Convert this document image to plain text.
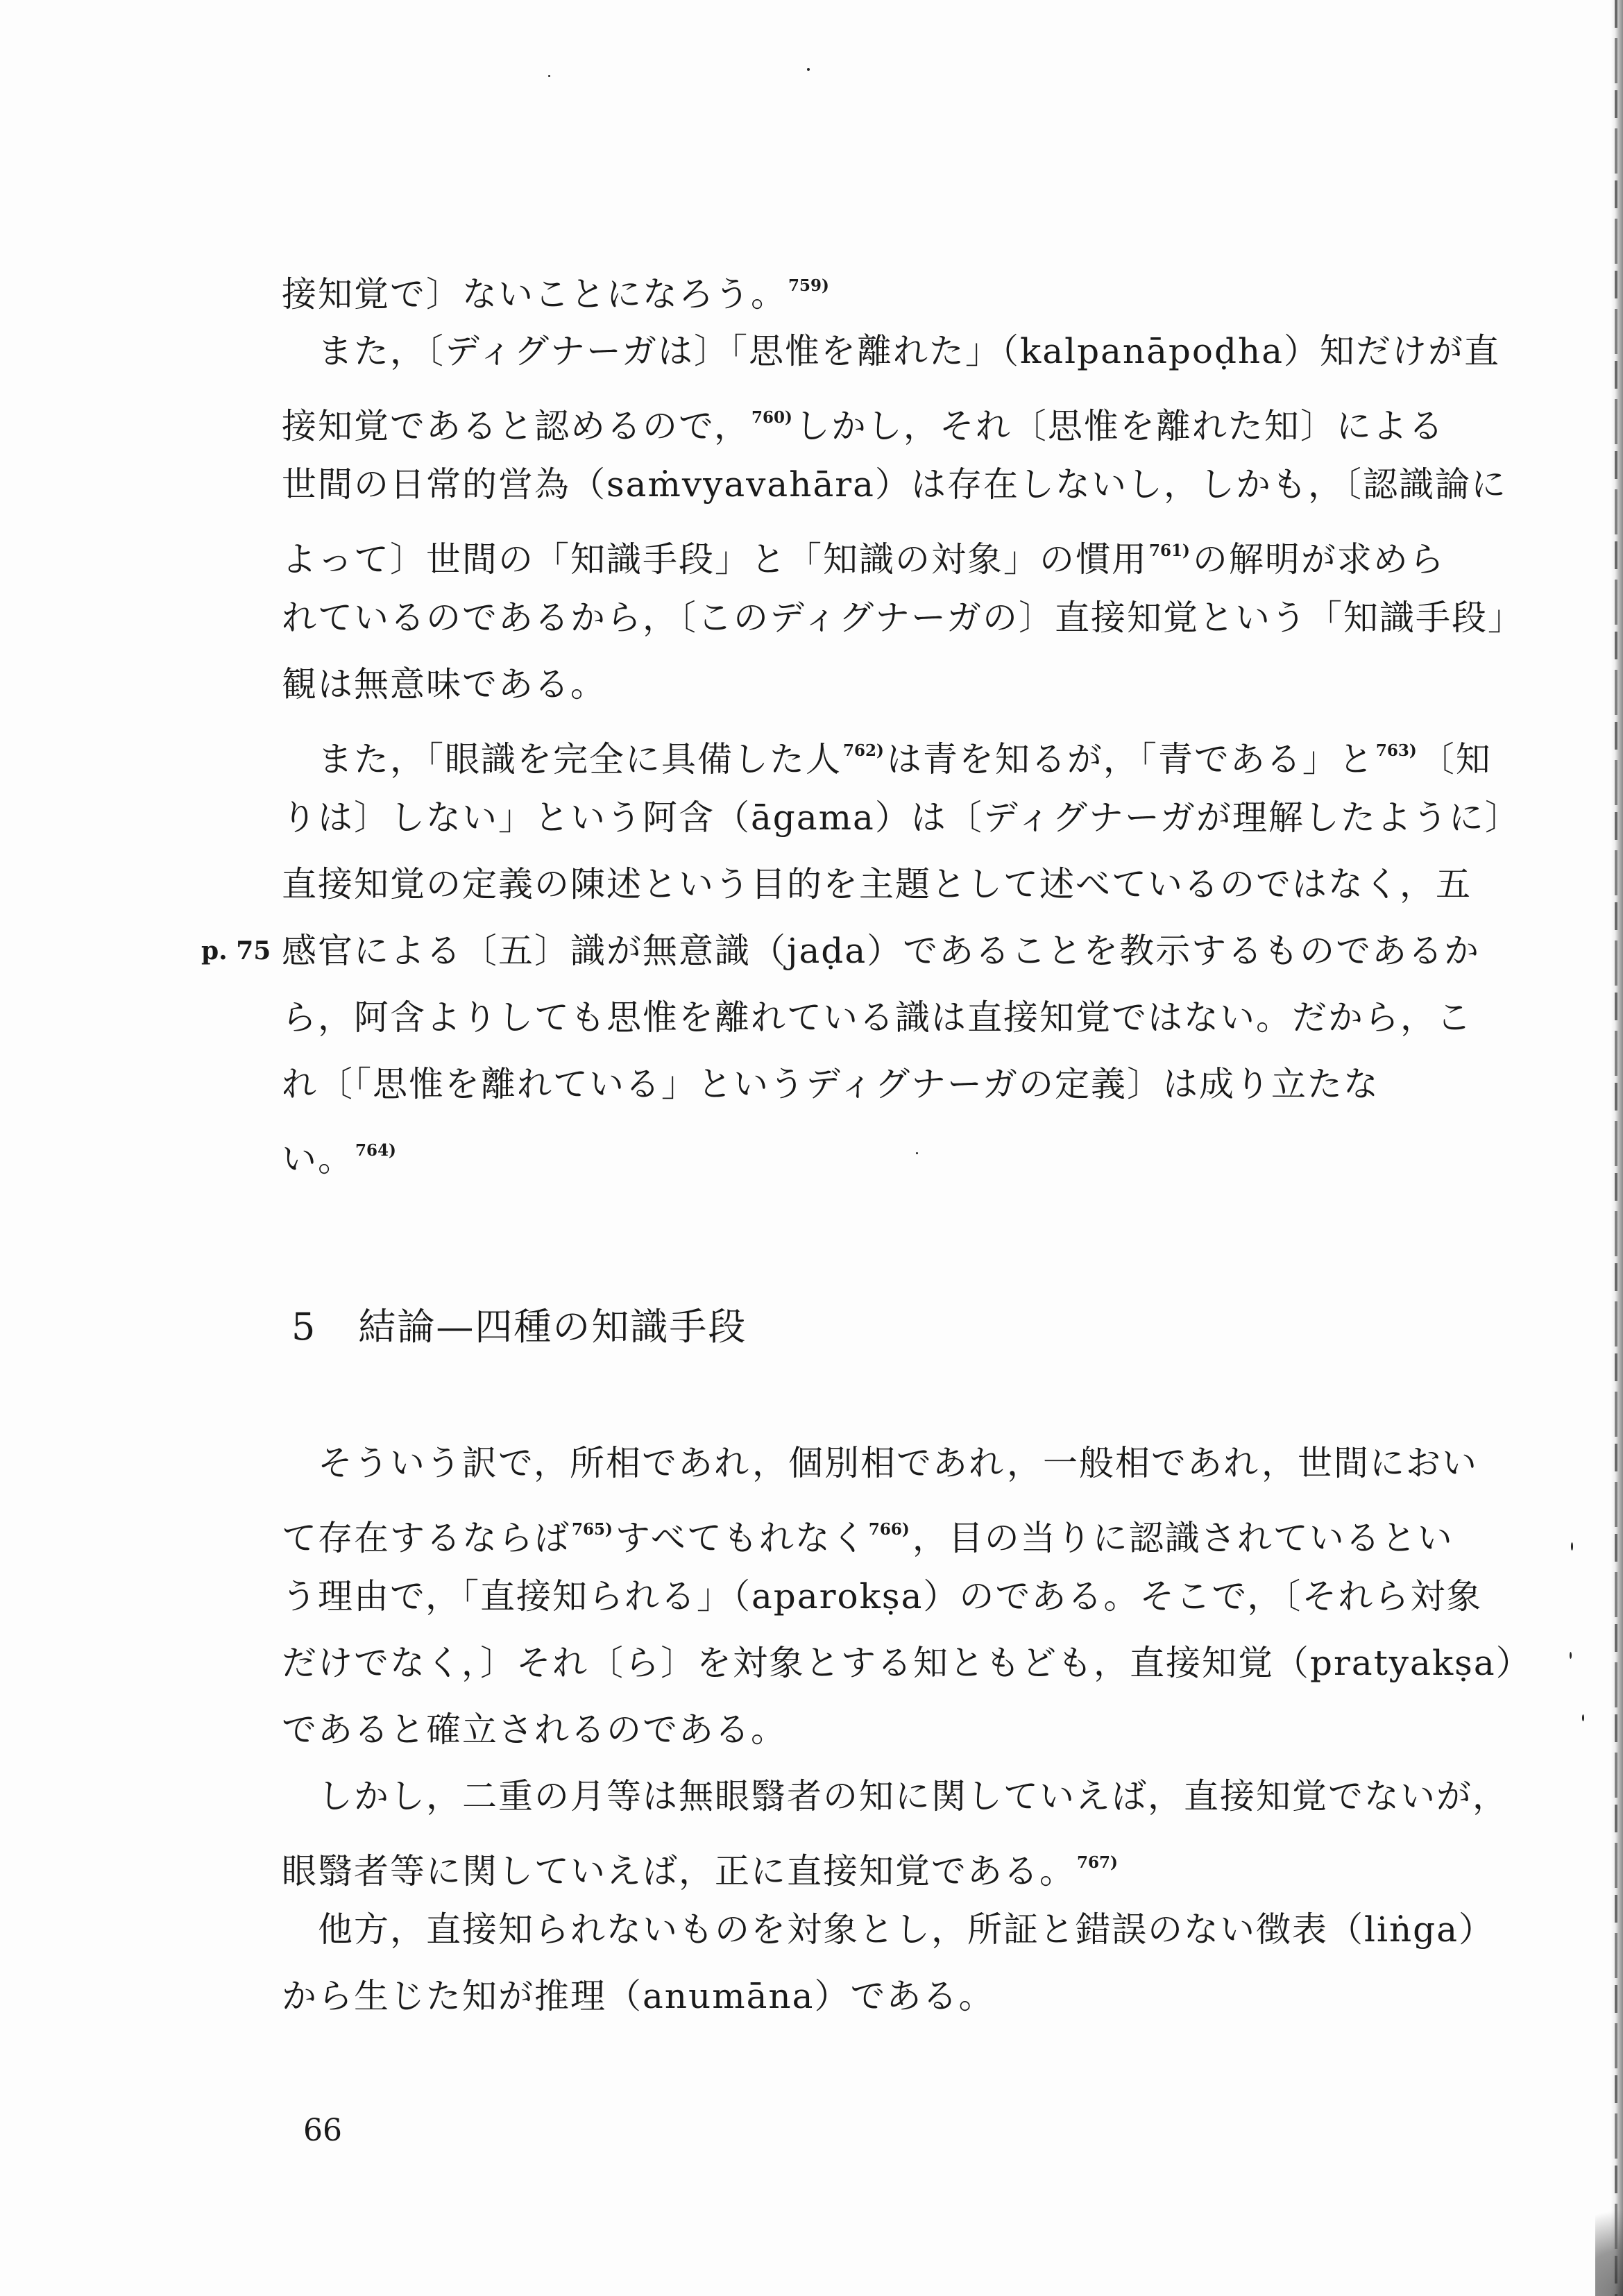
接知覚で〕ないことになろう。$^{759)}$
　また，〔ディグナーガは〕「思惟を離れた」（kalpanāpoḍha）知だけが直
接知覚であると認めるので，$^{760)}$しかし，それ〔思惟を離れた知〕による
世間の日常的営為（saṁvyavahāra）は存在しないし，しかも，〔認識論に
よって〕世間の「知識手段」と「知識の対象」の慣用$^{761)}$の解明が求めら
れているのであるから，〔このディグナーガの〕直接知覚という「知識手段」
観は無意味である。
　また，「眼識を完全に具備した人$^{762)}$は青を知るが，「青である」と$^{763)}$〔知
りは〕しない」という阿含（āgama）は〔ディグナーガが理解したように〕
直接知覚の定義の陳述という目的を主題として述べているのではなく，五
p. 75 感官による〔五〕識が無意識（jaḍa）であることを教示するものであるか
ら，阿含よりしても思惟を離れている識は直接知覚ではない。だから，こ
れ〔「思惟を離れている」というディグナーガの定義〕は成り立たな
い。$^{764)}$
5 結論—四種の知識手段
　そういう訳で，所相であれ，個別相であれ，一般相であれ，世間におい
て存在するならば$^{765)}$すべてもれなく$^{766)}$，目の当りに認識されているとい
う理由で，「直接知られる」（aparokṣa）のである。そこで，〔それら対象
だけでなく，〕それ〔ら〕を対象とする知ともども，直接知覚（pratyakṣa）
であると確立されるのである。
　しかし，二重の月等は無眼翳者の知に関していえば，直接知覚でないが，
眼翳者等に関していえば，正に直接知覚である。$^{767)}$
　他方，直接知られないものを対象とし，所証と錯誤のない徴表（liṅga）
から生じた知が推理（anumāna）である。
66
